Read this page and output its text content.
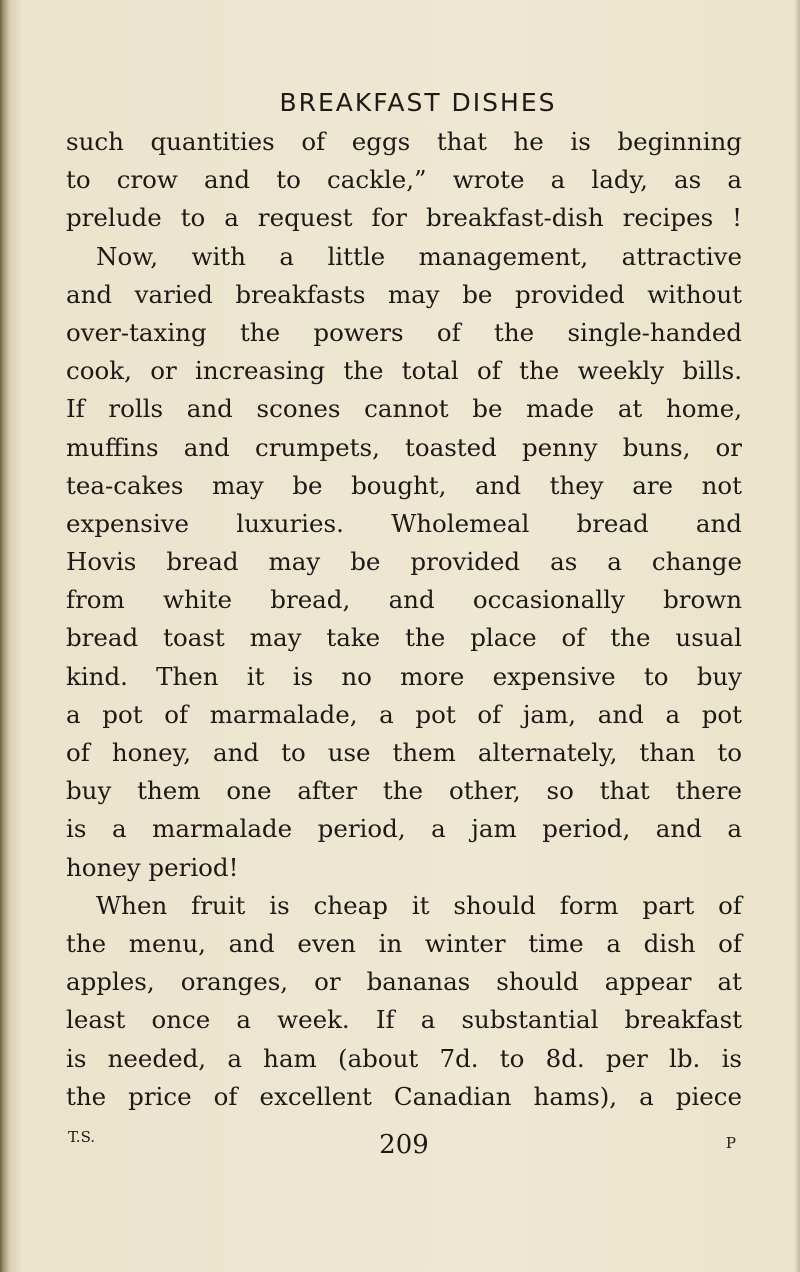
BREAKFAST DISHES
such quantities of eggs that he is beginning
to crow and to cackle,” wrote a lady, as a
prelude to a request for breakfast-dish recipes !
Now, with a little management, attractive
and varied breakfasts may be provided without
over-taxing the powers of the single-handed
cook, or increasing the total of the weekly bills.
If rolls and scones cannot be made at home,
muffins and crumpets, toasted penny buns, or
tea-cakes may be bought, and they are not
expensive luxuries. Wholemeal bread and
Hovis bread may be provided as a change
from white bread, and occasionally brown
bread toast may take the place of the usual
kind. Then it is no more expensive to buy
a pot of marmalade, a pot of jam, and a pot
of honey, and to use them alternately, than to
buy them one after the other, so that there
is a marmalade period, a jam period, and a
honey period!
When fruit is cheap it should form part of
the menu, and even in winter time a dish of
apples, oranges, or bananas should appear at
least once a week. If a substantial breakfast
is needed, a ham (about 7d. to 8d. per lb. is
the price of excellent Canadian hams), a piece
T.S.	209	P
